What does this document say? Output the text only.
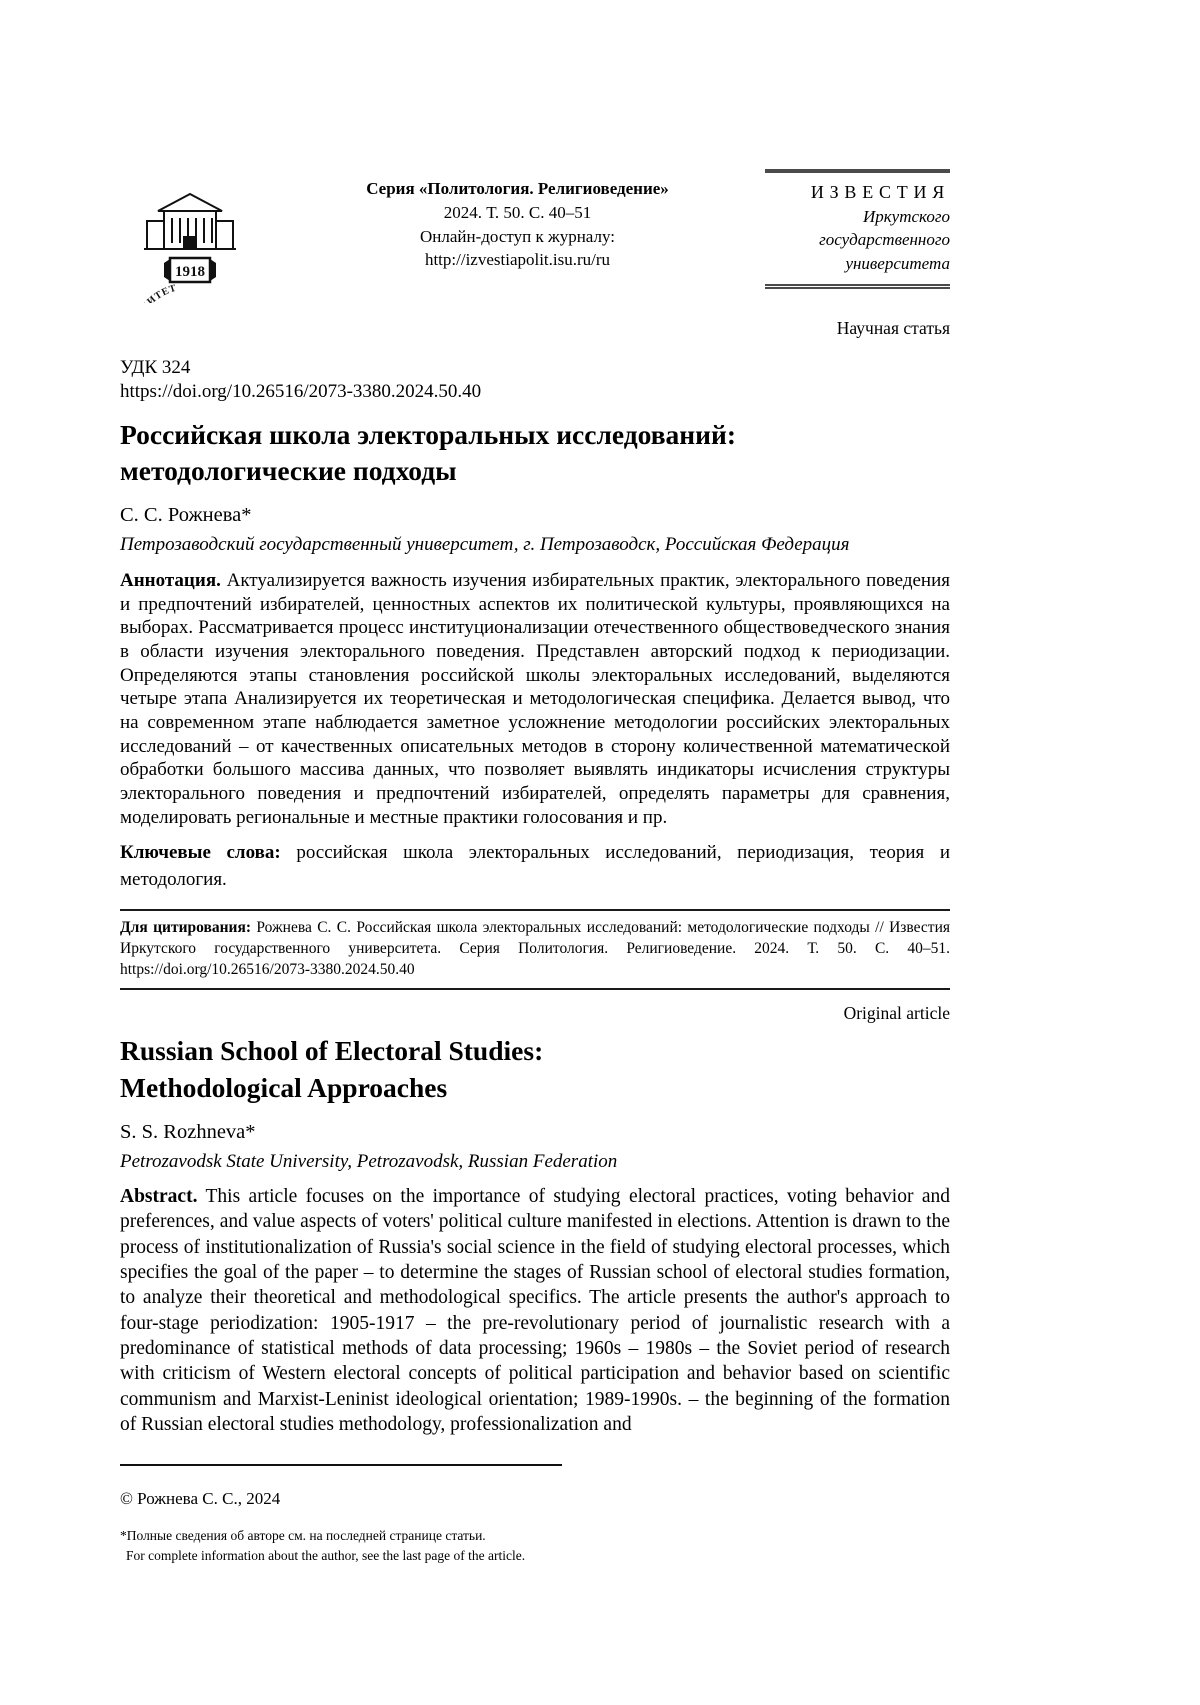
ИТЕТ
1918
Серия «Политология. Религиоведение»
2024. Т. 50. С. 40–51
Онлайн-доступ к журналу:
http://izvestiapolit.isu.ru/ru
ИЗВЕСТИЯ
Иркутского
государственного
университета
Научная статья
УДК 324
https://doi.org/10.26516/2073-3380.2024.50.40
Российская школа электоральных исследований:
методологические подходы
С. С. Рожнева*
Петрозаводский государственный университет, г. Петрозаводск, Российская Федерация

Аннотация. Актуализируется важность изучения избирательных практик, электорального поведения и предпочтений избирателей, ценностных аспектов их политической культуры, проявляющихся на выборах. Рассматривается процесс институционализации отечественного обществоведческого знания в области изучения электорального поведения. Представлен авторский подход к периодизации. Определяются этапы становления российской школы электоральных исследований, выделяются четыре этапа Анализируется их теоретическая и методологическая специфика. Делается вывод, что на современном этапе наблюдается заметное усложнение методологии российских электоральных исследований – от качественных описательных методов в сторону количественной математической обработки большого массива данных, что позволяет выявлять индикаторы исчисления структуры электорального поведения и предпочтений избирателей, определять параметры для сравнения, моделировать региональные и местные практики голосования и пр.

Ключевые слова: российская школа электоральных исследований, периодизация, теория и методология.

Для цитирования: Рожнева С. С. Российская школа электоральных исследований: методологические подходы // Известия Иркутского государственного университета. Серия Политология. Религиоведение. 2024. Т. 50. С. 40–51. https://doi.org/10.26516/2073-3380.2024.50.40
Original article
Russian School of Electoral Studies:
Methodological Approaches
S. S. Rozhneva*
Petrozavodsk State University, Petrozavodsk, Russian Federation

Abstract. This article focuses on the importance of studying electoral practices, voting behavior and preferences, and value aspects of voters' political culture manifested in elections. Attention is drawn to the process of institutionalization of Russia's social science in the field of studying electoral processes, which specifies the goal of the paper – to determine the stages of Russian school of electoral studies formation, to analyze their theoretical and methodological specifics. The article presents the author's approach to four-stage periodization: 1905-1917 – the pre-revolutionary period of journalistic research with a predominance of statistical methods of data processing; 1960s – 1980s – the Soviet period of research with criticism of Western electoral concepts of political participation and behavior based on scientific communism and Marxist-Leninist ideological orientation; 1989-1990s. – the beginning of the formation of Russian electoral studies methodology, professionalization and

© Рожнева С. С., 2024
*Полные сведения об авторе см. на последней странице статьи.
For complete information about the author, see the last page of the article.
